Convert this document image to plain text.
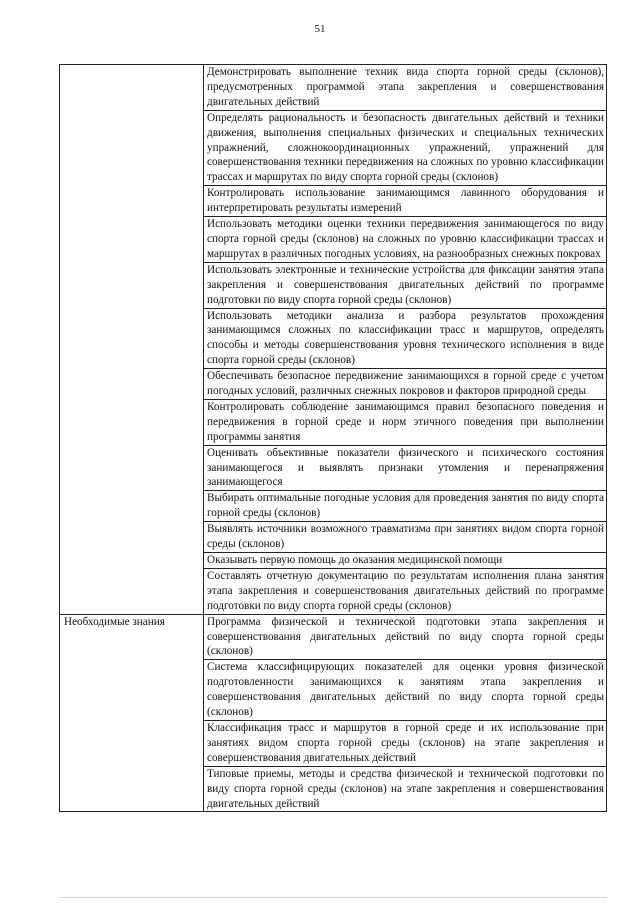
51
	Демонстрировать выполнение техник вида спорта горной среды (склонов), предусмотренных программой этапа закрепления и совершенствования двигательных действий
	Определять рациональность и безопасность двигательных действий и техники движения, выполнения специальных физических и специальных технических упражнений, сложнокоординационных упражнений, упражнений для совершенствования техники передвижения на сложных по уровню классификации трассах и маршрутах по виду спорта горной среды (склонов)
	Контролировать использование занимающимся лавинного оборудования и интерпретировать результаты измерений
	Использовать методики оценки техники передвижения занимающегося по виду спорта горной среды (склонов) на сложных по уровню классификации трассах и маршрутах в различных погодных условиях, на разнообразных снежных покровах
	Использовать электронные и технические устройства для фиксации занятия этапа закрепления и совершенствования двигательных действий по программе подготовки по виду спорта горной среды (склонов)
	Использовать методики анализа и разбора результатов прохождения занимающимся сложных по классификации трасс и маршрутов, определять способы и методы совершенствования уровня технического исполнения в виде спорта горной среды (склонов)
	Обеспечивать безопасное передвижение занимающихся в горной среде с учетом погодных условий, различных снежных покровов и факторов природной среды
	Контролировать соблюдение занимающимся правил безопасного поведения и передвижения в горной среде и норм этичного поведения при выполнении программы занятия
	Оценивать объективные показатели физического и психического состояния занимающегося и выявлять признаки утомления и перенапряжения занимающегося
	Выбирать оптимальные погодные условия для проведения занятия по виду спорта горной среды (склонов)
	Выявлять источники возможного травматизма при занятиях видом спорта горной среды (склонов)
	Оказывать первую помощь до оказания медицинской помощи
	Составлять отчетную документацию по результатам исполнения плана занятия этапа закрепления и совершенствования двигательных действий по программе подготовки по виду спорта горной среды (склонов)
Необходимые знания	Программа физической и технической подготовки этапа закрепления и совершенствования двигательных действий по виду спорта горной среды (склонов)
	Система классифицирующих показателей для оценки уровня физической подготовленности занимающихся к занятиям этапа закрепления и совершенствования двигательных действий по виду спорта горной среды (склонов)
	Классификация трасс и маршрутов в горной среде и их использование при занятиях видом спорта горной среды (склонов) на этапе закрепления и совершенствования двигательных действий
	Типовые приемы, методы и средства физической и технической подготовки по виду спорта горной среды (склонов) на этапе закрепления и совершенствования двигательных действий
